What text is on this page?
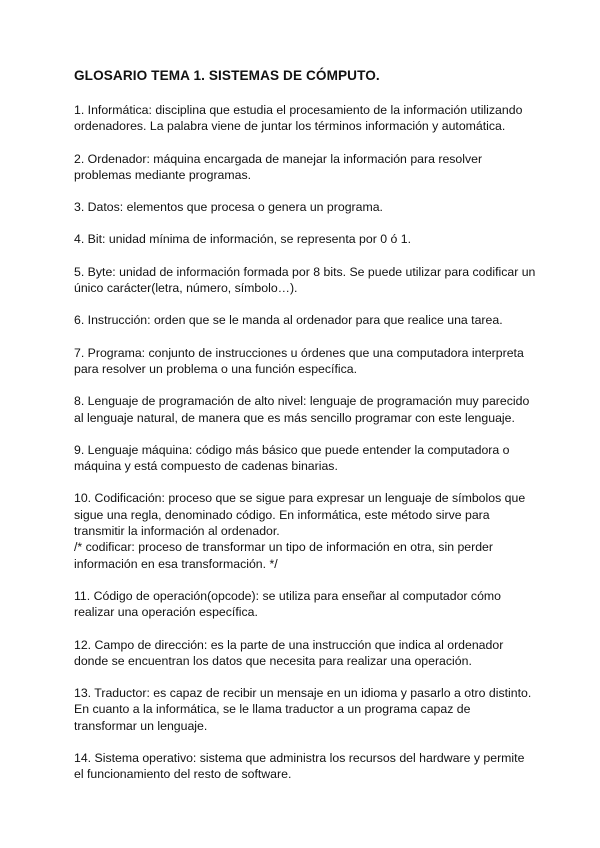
GLOSARIO TEMA 1. SISTEMAS DE CÓMPUTO.
1. Informática: disciplina que estudia el procesamiento de la información utilizando
ordenadores. La palabra viene de juntar los términos información y automática.
2. Ordenador: máquina encargada de manejar la información para resolver
problemas mediante programas.
3. Datos: elementos que procesa o genera un programa.
4. Bit: unidad mínima de información, se representa por 0 ó 1.
5. Byte: unidad de información formada por 8 bits. Se puede utilizar para codificar un
único carácter(letra, número, símbolo…).
6. Instrucción: orden que se le manda al ordenador para que realice una tarea.
7. Programa: conjunto de instrucciones u órdenes que una computadora interpreta
para resolver un problema o una función específica.
8. Lenguaje de programación de alto nivel: lenguaje de programación muy parecido
al lenguaje natural, de manera que es más sencillo programar con este lenguaje.
9. Lenguaje máquina: código más básico que puede entender la computadora o
máquina y está compuesto de cadenas binarias.
10. Codificación: proceso que se sigue para expresar un lenguaje de símbolos que
sigue una regla, denominado código. En informática, este método sirve para
transmitir la información al ordenador.
/* codificar: proceso de transformar un tipo de información en otra, sin perder
información en esa transformación. */
11. Código de operación(opcode): se utiliza para enseñar al computador cómo
realizar una operación específica.
12. Campo de dirección: es la parte de una instrucción que indica al ordenador
donde se encuentran los datos que necesita para realizar una operación.
13. Traductor: es capaz de recibir un mensaje en un idioma y pasarlo a otro distinto.
En cuanto a la informática, se le llama traductor a un programa capaz de
transformar un lenguaje.
14. Sistema operativo: sistema que administra los recursos del hardware y permite
el funcionamiento del resto de software.
